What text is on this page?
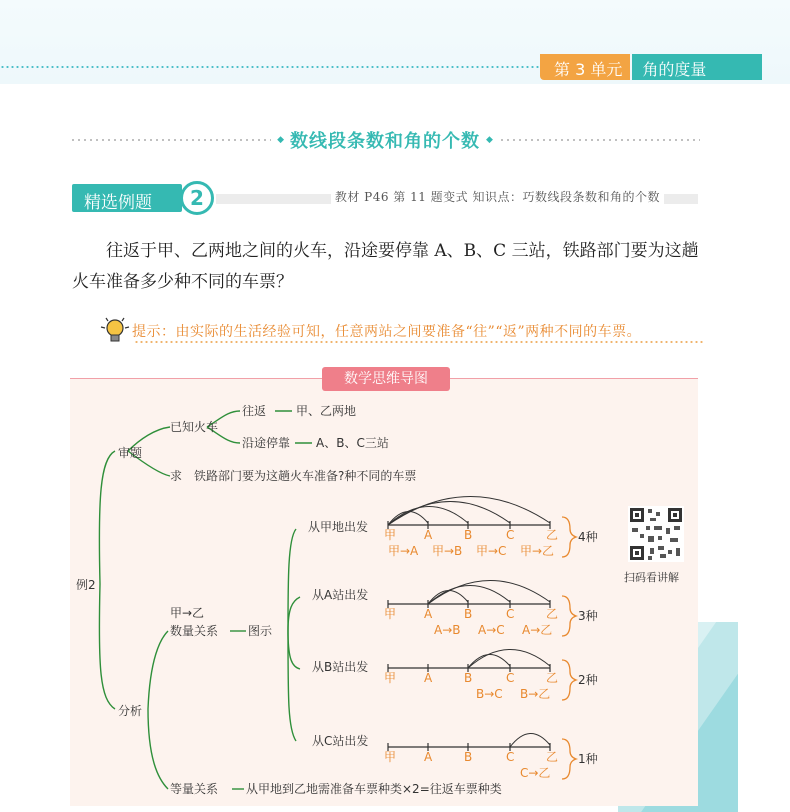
第 3 单元	角的度量
◆ 数线段条数和角的个数 ◆
精选例题	2	教材 P46 第 11 题变式 知识点：巧数线段条数和角的个数
往返于甲、乙两地之间的火车，沿途要停靠 A、B、C 三站，铁路部门要为这趟火车准备多少种不同的车票？
提示：由实际的生活经验可知，任意两站之间要准备“往”“返”两种不同的车票。
数学思维导图
例2
审题
已知火车
往返 甲、乙两地
沿途停靠 A、B、C三站
求 铁路部门要为这趟火车准备?种不同的车票
分析
甲→乙
数量关系 图示
等量关系 从甲地到乙地需准备车票种类×2=往返车票种类
从甲地出发
从A站出发
从B站出发
从C站出发
甲 A	B	C	乙
甲→A 甲→B 甲→C 甲→乙
4种
甲 A	B	C	乙
A→B A→C A→乙
3种
甲 A	B	C	乙
B→C B→乙
2种
甲 A	B	C	乙
C→乙
1种
扫码看讲解
